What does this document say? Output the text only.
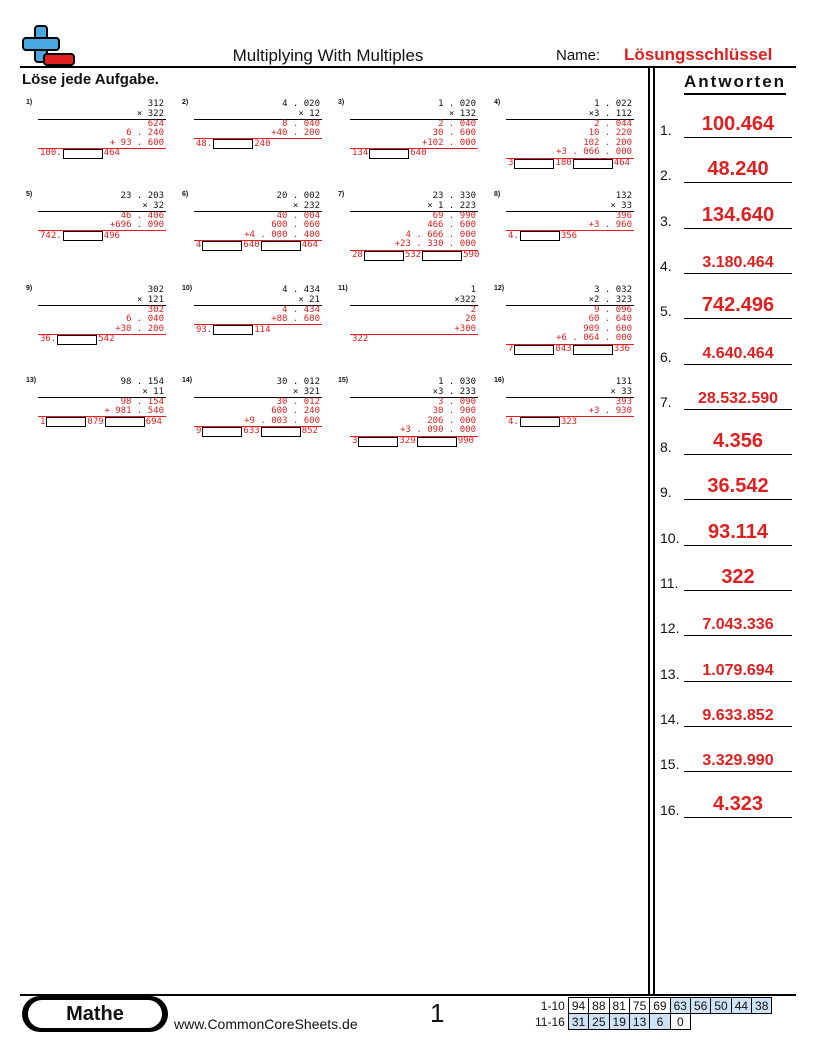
Multiplying With Multiples	Name: Lösungsschlüssel
Löse jede Aufgabe.	Antworten
1.	100.464
2.	48.240
3.	134.640
4.	3.180.464
5.	742.496
6.	4.640.464
7.	28.532.590
8.	4.356
9.	36.542
10.	93.114
11.	322
12.	7.043.336
13.	1.079.694
14.	9.633.852
15.	3.329.990
16.	4.323
1)	312
× 322
624
6 . 240
+ 93 . 600
100.	464
2)	4 . 020
× 12
8 . 040
+40 . 200
48.	240
3)	1 . 020
× 132
2 . 040
30 . 600
+102 . 000
134	640
4)	1 . 022
×3 . 112
2 . 044
10 . 220
102 . 200
+3 . 066 . 000
3	180	464
5)	23 . 203
× 32
46 . 406
+696 . 090
742.	496
6)	20 . 002
× 232
40 . 004
600 . 060
+4 . 000 . 400
4	640	464
7)	23 . 330
× 1 . 223
69 . 990
466 . 600
4 . 666 . 000
+23 . 330 . 000
28	532	590
8)	132
× 33
396
+3 . 960
4.	356
9)	302
× 121
302
6 . 040
+30 . 200
36.	542
10)	4 . 434
× 21
4 . 434
+88 . 680
93.	114
11)	1
×322
2
20
+300
322
12)	3 . 032
×2 . 323
9 . 096
60 . 640
909 . 600
+6 . 064 . 000
7	043	336
13)	98 . 154
× 11
98 . 154
+ 981 . 540
1	079	694
14)	30 . 012
× 321
30 . 012
600 . 240
+9 . 003 . 600
9	633	852
15)	1 . 030
×3 . 233
3 . 090
30 . 900
206 . 000
+3 . 090 . 000
3	329	990
16)	131
× 33
393
+3 . 930
4.	323
Mathe	www.CommonCoreSheets.de	1	1-10	94	88	81	75	69	63	56	50	44	38
11-16	31	25	19	13	6	0				
